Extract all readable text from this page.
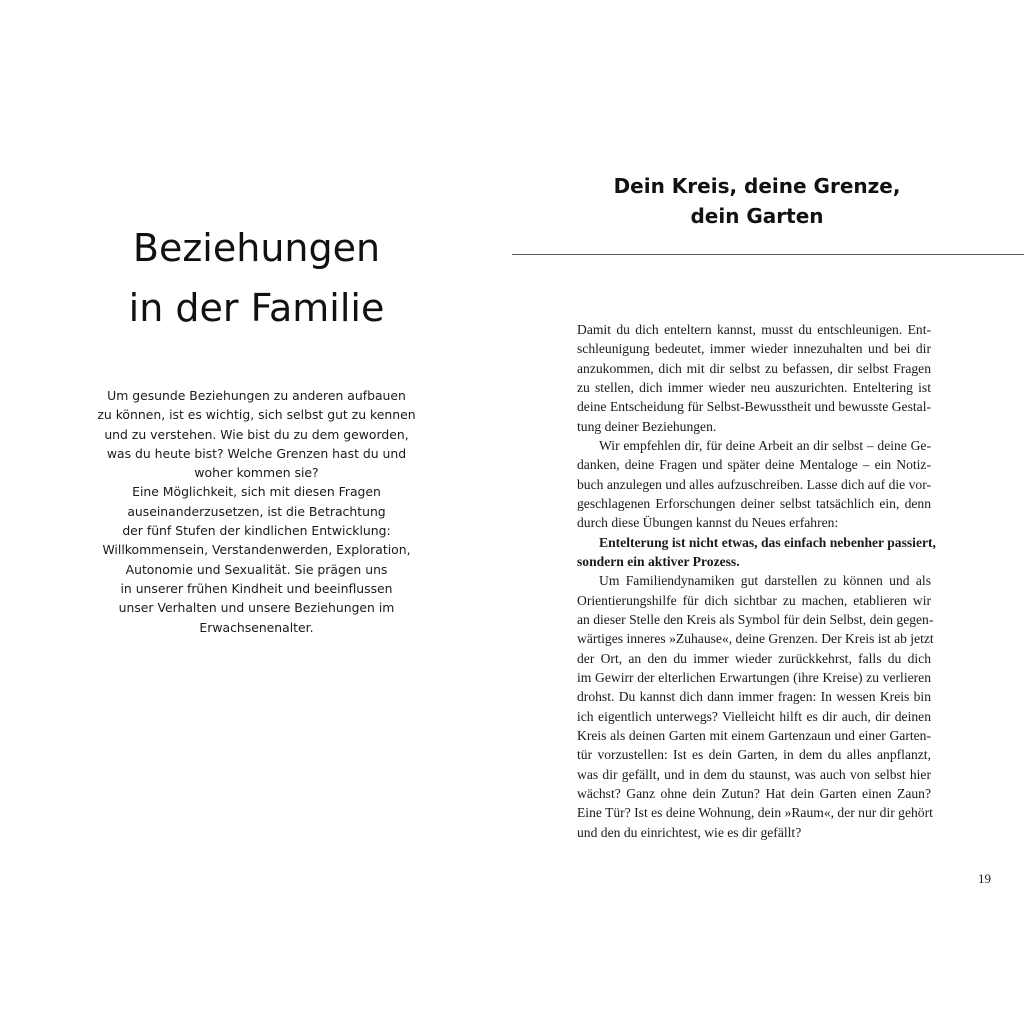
Beziehungen
in der Familie
Um gesunde Beziehungen zu anderen aufbauen
zu können, ist es wichtig, sich selbst gut zu kennen
und zu verstehen. Wie bist du zu dem geworden,
was du heute bist? Welche Grenzen hast du und
woher kommen sie?
Eine Möglichkeit, sich mit diesen Fragen
auseinanderzusetzen, ist die Betrachtung
der fünf Stufen der kindlichen Entwicklung:
Willkommensein, Verstandenwerden, Exploration,
Autonomie und Sexualität. Sie prägen uns
in unserer frühen Kindheit und beeinflussen
unser Verhalten und unsere Beziehungen im
Erwachsenenalter.
Dein Kreis, deine Grenze,
dein Garten
Damit du dich enteltern kannst, musst du entschleunigen. Ent-
schleunigung bedeutet, immer wieder innezuhalten und bei dir
anzukommen, dich mit dir selbst zu befassen, dir selbst Fragen
zu stellen, dich immer wieder neu auszurichten. Enteltering ist
deine Entscheidung für Selbst-Bewusstheit und bewusste Gestal-
tung deiner Beziehungen.
Wir empfehlen dir, für deine Arbeit an dir selbst – deine Ge-
danken, deine Fragen und später deine Mentaloge – ein Notiz-
buch anzulegen und alles aufzuschreiben. Lasse dich auf die vor-
geschlagenen Erforschungen deiner selbst tatsächlich ein, denn
durch diese Übungen kannst du Neues erfahren:
Entelterung ist nicht etwas, das einfach nebenher passiert,
sondern ein aktiver Prozess.
Um Familiendynamiken gut darstellen zu können und als
Orientierungshilfe für dich sichtbar zu machen, etablieren wir
an dieser Stelle den Kreis als Symbol für dein Selbst, dein gegen-
wärtiges inneres »Zuhause«, deine Grenzen. Der Kreis ist ab jetzt
der Ort, an den du immer wieder zurückkehrst, falls du dich
im Gewirr der elterlichen Erwartungen (ihre Kreise) zu verlieren
drohst. Du kannst dich dann immer fragen: In wessen Kreis bin
ich eigentlich unterwegs? Vielleicht hilft es dir auch, dir deinen
Kreis als deinen Garten mit einem Gartenzaun und einer Garten-
tür vorzustellen: Ist es dein Garten, in dem du alles anpflanzt,
was dir gefällt, und in dem du staunst, was auch von selbst hier
wächst? Ganz ohne dein Zutun? Hat dein Garten einen Zaun?
Eine Tür? Ist es deine Wohnung, dein »Raum«, der nur dir gehört
und den du einrichtest, wie es dir gefällt?
19
